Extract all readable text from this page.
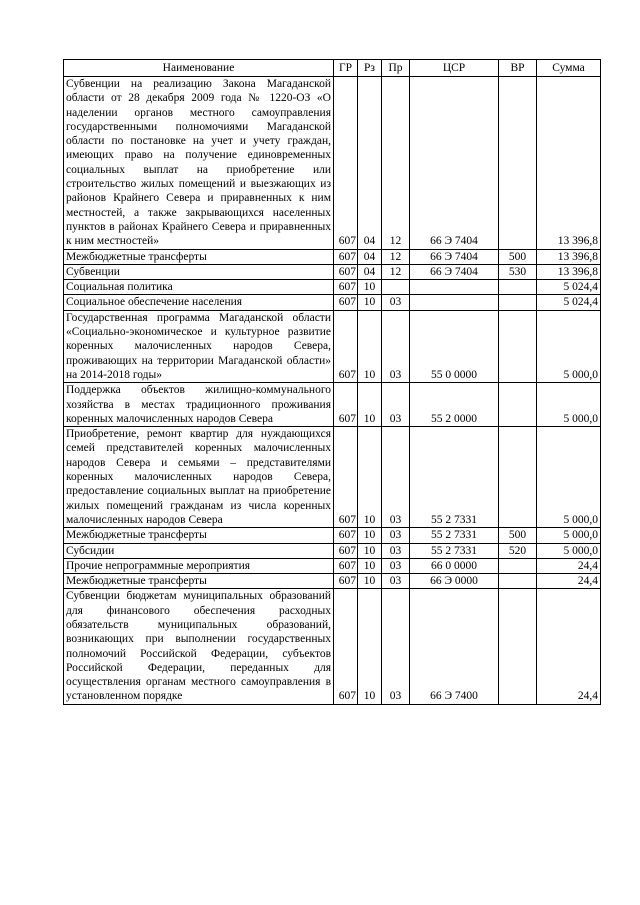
Наименование	ГР	Рз	Пр	ЦСР	ВР	Сумма
Субвенции на реализацию Закона Магаданской области от 28 декабря 2009 года № 1220-ОЗ «О наделении органов местного самоуправления государственными полномочиями Магаданской области по постановке на учет и учету граждан, имеющих право на получение единовременных социальных выплат на приобретение или строительство жилых помещений и выезжающих из районов Крайнего Севера и приравненных к ним местностей, а также закрывающихся населенных пунктов в районах Крайнего Севера и приравненных к ним местностей»	607	04	12	66 Э 7404		13 396,8
Межбюджетные трансферты	607	04	12	66 Э 7404	500	13 396,8
Субвенции	607	04	12	66 Э 7404	530	13 396,8
Социальная политика	607	10				5 024,4
Социальное обеспечение населения	607	10	03			5 024,4
Государственная программа Магаданской области «Социально-экономическое и культурное развитие коренных малочисленных народов Севера, проживающих на территории Магаданской области» на 2014-2018 годы»	607	10	03	55 0 0000		5 000,0
Поддержка объектов жилищно-коммунального хозяйства в местах традиционного проживания коренных малочисленных народов Севера	607	10	03	55 2 0000		5 000,0
Приобретение, ремонт квартир для нуждающихся семей представителей коренных малочисленных народов Севера и семьями – представителями коренных малочисленных народов Севера, предоставление социальных выплат на приобретение жилых помещений гражданам из числа коренных малочисленных народов Севера	607	10	03	55 2 7331		5 000,0
Межбюджетные трансферты	607	10	03	55 2 7331	500	5 000,0
Субсидии	607	10	03	55 2 7331	520	5 000,0
Прочие непрограммные мероприятия	607	10	03	66 0 0000		24,4
Межбюджетные трансферты	607	10	03	66 Э 0000		24,4
Субвенции бюджетам муниципальных образований для финансового обеспечения расходных обязательств муниципальных образований, возникающих при выполнении государственных полномочий Российской Федерации, субъектов Российской Федерации, переданных для осуществления органам местного самоуправления в установленном порядке	607	10	03	66 Э 7400		24,4
